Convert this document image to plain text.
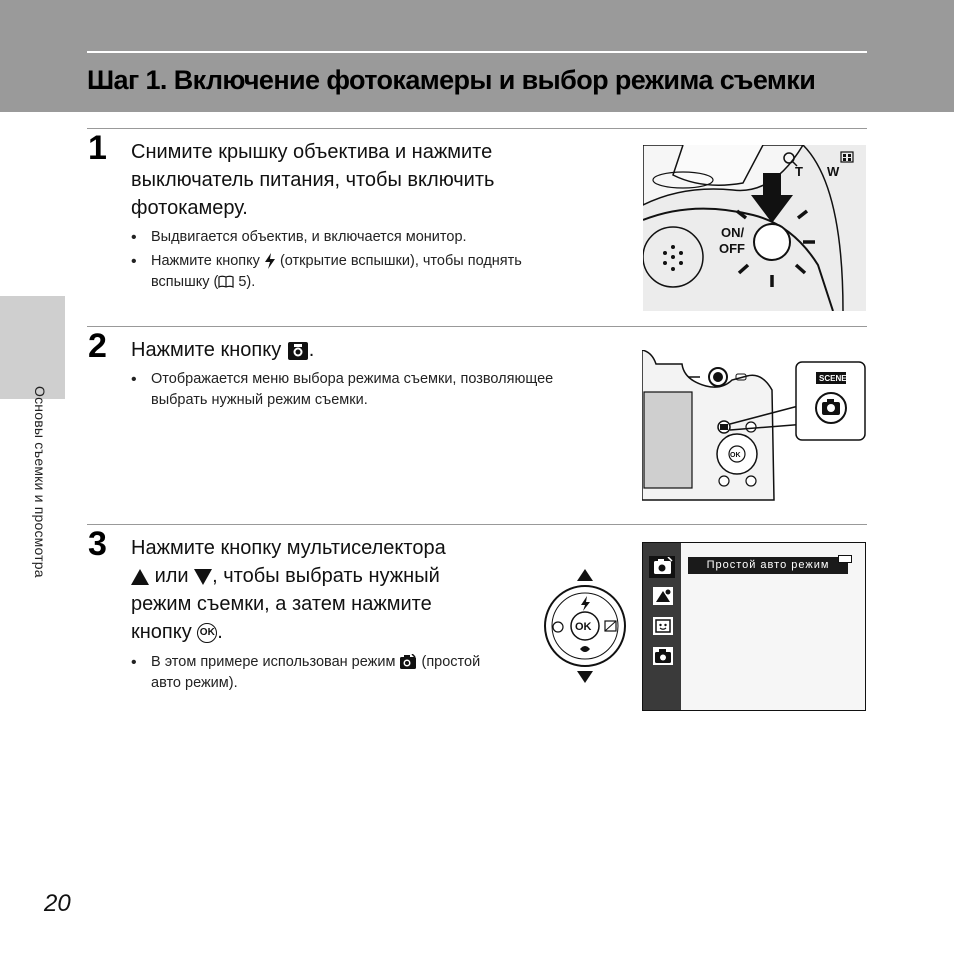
Шаг 1. Включение фотокамеры и выбор режима съемки
Основы съемки и просмотра
1 Снимите крышку объектива и нажмите
выключатель питания, чтобы включить
фотокамеру.
• Выдвигается объектив, и включается монитор.
• Нажмите кнопку (открытие вспышки), чтобы поднять
вспышку ( 5).
ON/
OFF
T W
2 Нажмите кнопку .
• Отображается меню выбора режима съемки, позволяющее
выбрать нужный режим съемки.
OK
SCENE
3 Нажмите кнопку мультиселектора
или , чтобы выбрать нужный
режим съемки, а затем нажмите
кнопку OK .
• В этом примере использован режим (простой
авто режим).
OK
Простой авто режим
20
